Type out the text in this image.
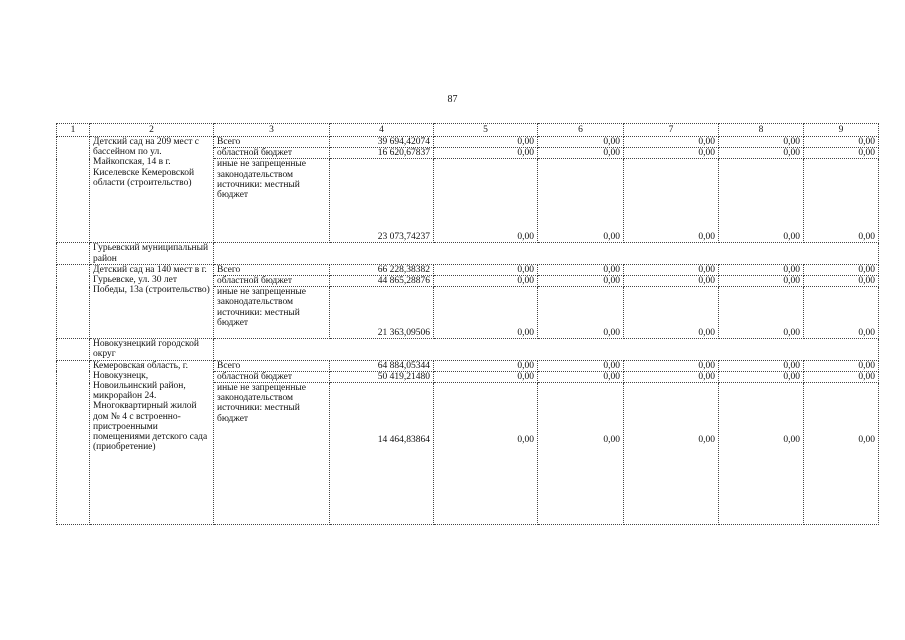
87
1	2	3	4	5	6	7	8	9
	Детский сад на 209 мест с бассейном по ул. Майкопская, 14 в г. Киселевске Кемеровской области (строительство)	Всего	39 694,42074	0,00	0,00	0,00	0,00	0,00
		областной бюджет	16 620,67837	0,00	0,00	0,00	0,00	0,00
		иные не запрещенные законодательством источники: местный бюджет	23 073,74237	0,00	0,00	0,00	0,00	0,00
	Гурьевский муниципальный район							
	Детский сад на 140 мест в г. Гурьевске, ул. 30 лет Победы, 13а (строительство)	Всего	66 228,38382	0,00	0,00	0,00	0,00	0,00
		областной бюджет	44 865,28876	0,00	0,00	0,00	0,00	0,00
		иные не запрещенные законодательством источники: местный бюджет	21 363,09506	0,00	0,00	0,00	0,00	0,00
	Новокузнецкий городской округ							
	Кемеровская область, г. Новокузнецк, Новоильинский район, микрорайон 24. Многоквартирный жилой дом № 4 с встроенно-пристроенными помещениями детского сада (приобретение)	Всего	64 884,05344	0,00	0,00	0,00	0,00	0,00
		областной бюджет	50 419,21480	0,00	0,00	0,00	0,00	0,00
		иные не запрещенные законодательством источники: местный бюджет	14 464,83864	0,00	0,00	0,00	0,00	0,00
